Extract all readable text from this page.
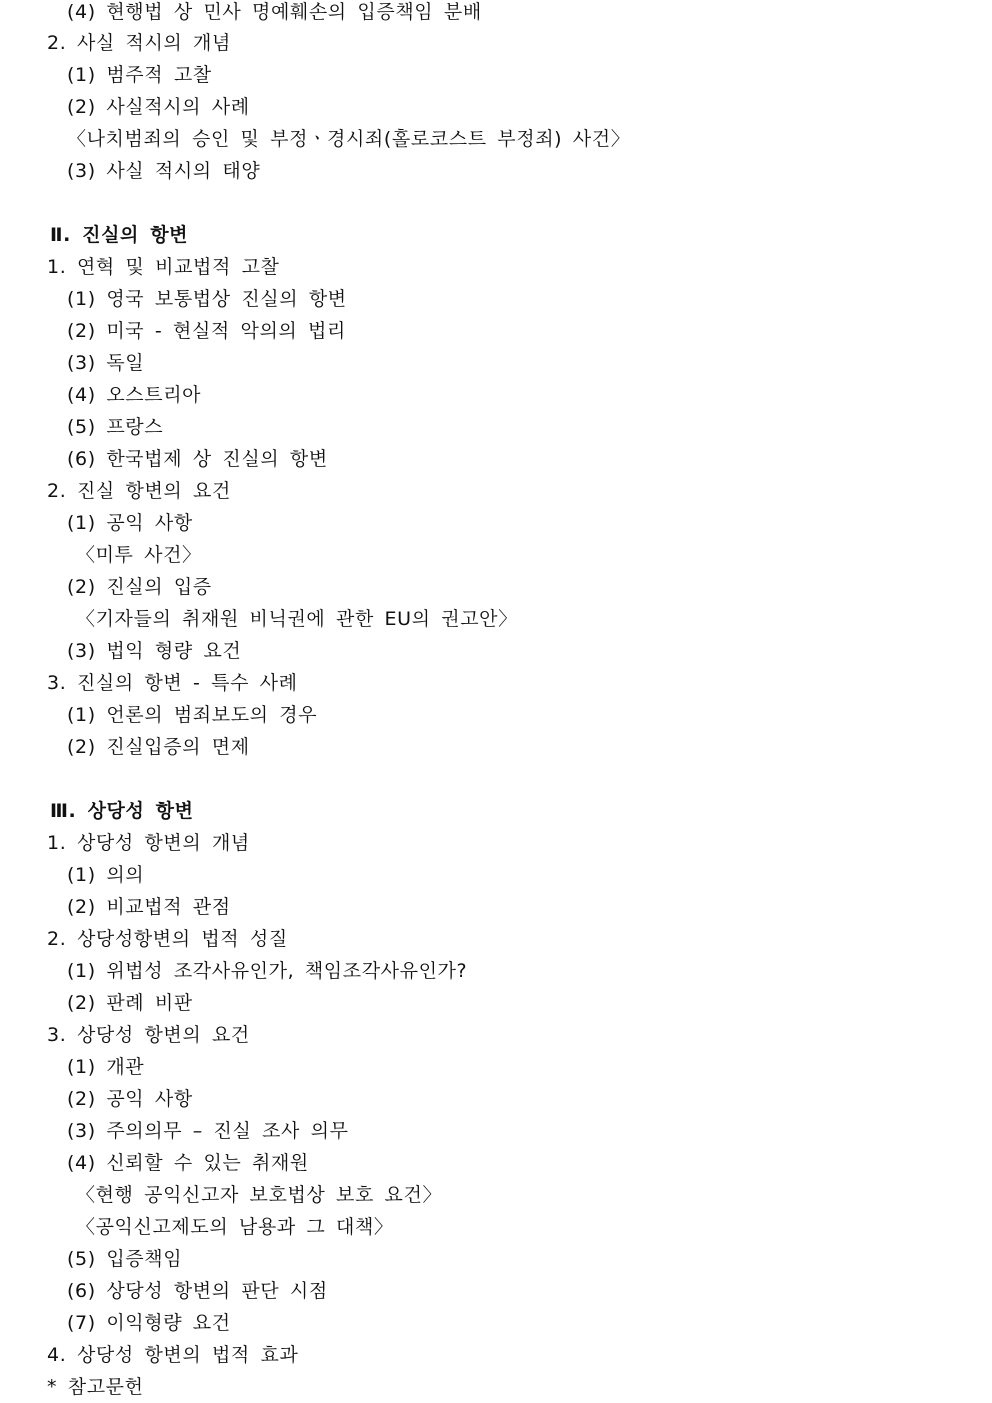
(4) 현행법 상 민사 명예훼손의 입증책임 분배
2. 사실 적시의 개념
(1) 범주적 고찰
(2) 사실적시의 사례
〈나치범죄의 승인 및 부정ㆍ경시죄(홀로코스트 부정죄) 사건〉
(3) 사실 적시의 태양
Ⅱ. 진실의 항변
1. 연혁 및 비교법적 고찰
(1) 영국 보통법상 진실의 항변
(2) 미국 - 현실적 악의의 법리
(3) 독일
(4) 오스트리아
(5) 프랑스
(6) 한국법제 상 진실의 항변
2. 진실 항변의 요건
(1) 공익 사항
〈미투 사건〉
(2) 진실의 입증
〈기자들의 취재원 비닉권에 관한 EU의 권고안〉
(3) 법익 형량 요건
3. 진실의 항변 - 특수 사례
(1) 언론의 범죄보도의 경우
(2) 진실입증의 면제
Ⅲ. 상당성 항변
1. 상당성 항변의 개념
(1) 의의
(2) 비교법적 관점
2. 상당성항변의 법적 성질
(1) 위법성 조각사유인가, 책임조각사유인가?
(2) 판례 비판
3. 상당성 항변의 요건
(1) 개관
(2) 공익 사항
(3) 주의의무 – 진실 조사 의무
(4) 신뢰할 수 있는 취재원
〈현행 공익신고자 보호법상 보호 요건〉
〈공익신고제도의 남용과 그 대책〉
(5) 입증책임
(6) 상당성 항변의 판단 시점
(7) 이익형량 요건
4. 상당성 항변의 법적 효과
* 참고문헌
